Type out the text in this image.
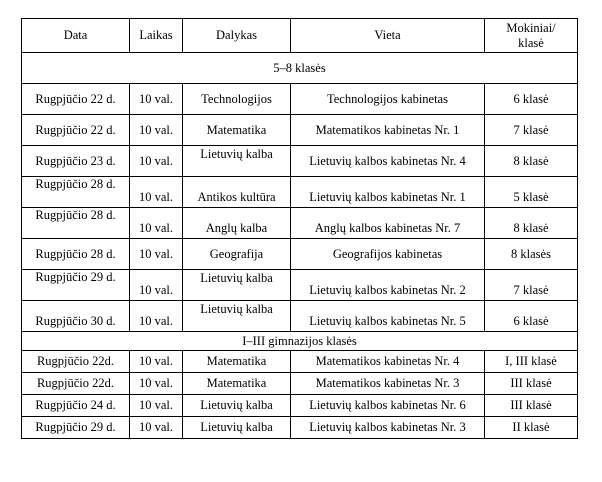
Data	Laikas	Dalykas	Vieta	Mokiniai/ klasė
5–8 klasės				
Rugpjūčio 22 d.	10 val.	Technologijos	Technologijos kabinetas	6 klasė
Rugpjūčio 22 d.	10 val.	Matematika	Matematikos kabinetas Nr. 1	7 klasė
Rugpjūčio 23 d.	10 val.	Lietuvių kalba	Lietuvių kalbos kabinetas Nr. 4	8 klasė
Rugpjūčio 28 d.	10 val.	Antikos kultūra	Lietuvių kalbos kabinetas Nr. 1	5 klasė
Rugpjūčio 28 d.	10 val.	Anglų kalba	Anglų kalbos kabinetas Nr. 7	8 klasė
Rugpjūčio 28 d.	10 val.	Geografija	Geografijos kabinetas	8 klasės
Rugpjūčio 29 d.	10 val.	Lietuvių kalba	Lietuvių kalbos kabinetas Nr. 2	7 klasė
Rugpjūčio 30 d.	10 val.	Lietuvių kalba	Lietuvių kalbos kabinetas Nr. 5	6 klasė
I–III gimnazijos klasės				
Rugpjūčio 22d.	10 val.	Matematika	Matematikos kabinetas Nr. 4	I, III klasė
Rugpjūčio 22d.	10 val.	Matematika	Matematikos kabinetas Nr. 3	III klasė
Rugpjūčio 24 d.	10 val.	Lietuvių kalba	Lietuvių kalbos kabinetas Nr. 6	III klasė
Rugpjūčio 29 d.	10 val.	Lietuvių kalba	Lietuvių kalbos kabinetas Nr. 3	II klasė
